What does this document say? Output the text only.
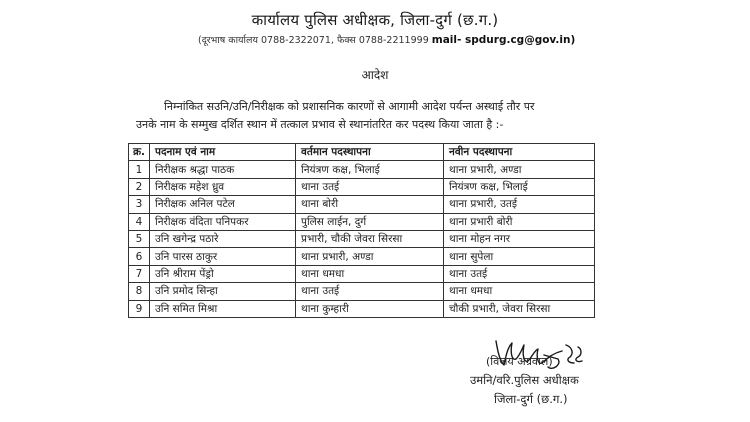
कार्यालय पुलिस अधीक्षक, जिला-दुर्ग (छ.ग.)
(दूरभाष कार्यालय 0788-2322071, फैक्स 0788-2211999 mail- spdurg.cg@gov.in)
आदेश
निम्नांकित सउनि/उनि/निरीक्षक को प्रशासनिक कारणों से आगामी आदेश पर्यन्त अस्थाई तौर पर
उनके नाम के सम्मुख दर्शित स्थान में तत्काल प्रभाव से स्थानांतरित कर पदस्थ किया जाता है :-
क्र.	पदनाम एवं नाम	वर्तमान पदस्थापना	नवीन पदस्थापना
1	निरीक्षक श्रद्धा पाठक	नियंत्रण कक्ष, भिलाई	थाना प्रभारी, अण्डा
2	निरीक्षक महेश ध्रुव	थाना उतई	नियंत्रण कक्ष, भिलाई
3	निरीक्षक अनिल पटेल	थाना बोरी	थाना प्रभारी, उतई
4	निरीक्षक वंदिता पनिपकर	पुलिस लाईन, दुर्ग	थाना प्रभारी बोरी
5	उनि खगेन्द्र पठारे	प्रभारी, चौकी जेवरा सिरसा	थाना मोहन नगर
6	उनि पारस ठाकुर	थाना प्रभारी, अण्डा	थाना सुपेला
7	उनि श्रीराम पेंड्रो	थाना धमधा	थाना उतई
8	उनि प्रमोद सिन्हा	थाना उतई	थाना धमधा
9	उनि समित मिश्रा	थाना कुम्हारी	चौकी प्रभारी, जेवरा सिरसा
(विजय अग्रवाल)
उमनि/वरि.पुलिस अधीक्षक
जिला-दुर्ग (छ.ग.)
